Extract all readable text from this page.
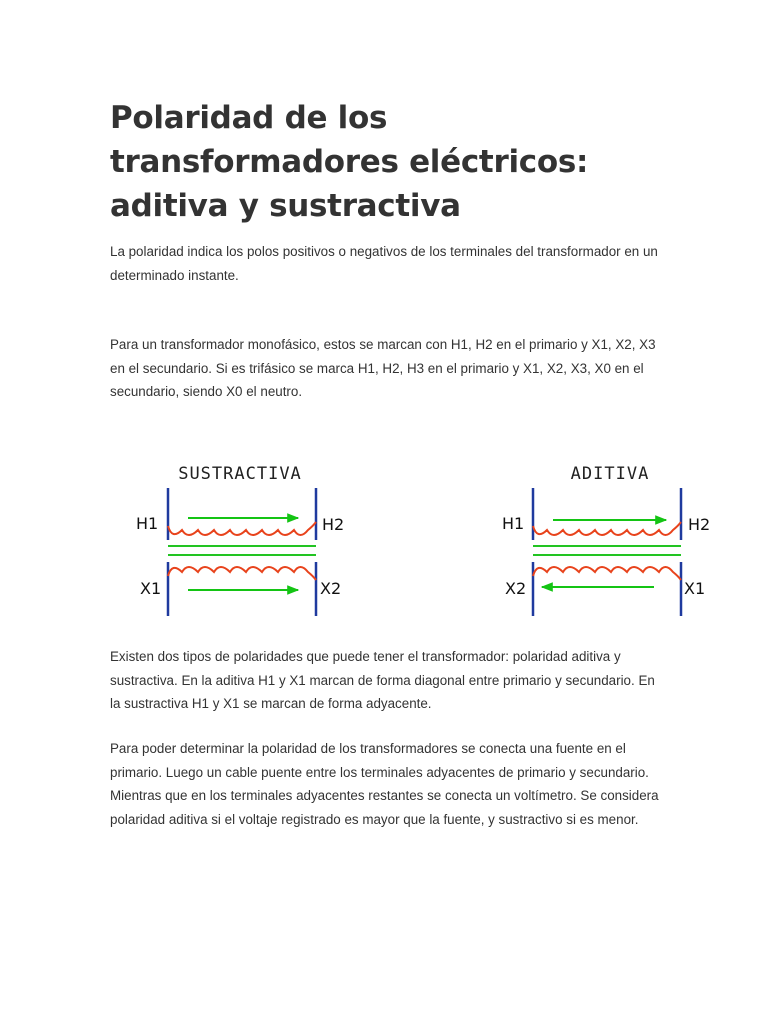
Polaridad de los transformadores eléctricos: aditiva y sustractiva

La polaridad indica los polos positivos o negativos de los terminales del transformador en un determinado instante.

Para un transformador monofásico, estos se marcan con H1, H2 en el primario y X1, X2, X3 en el secundario. Si es trifásico se marca H1, H2, H3 en el primario y X1, X2, X3, X0 en el secundario, siendo X0 el neutro.

SUSTRACTIVA
H1	H2
X1	X2
ADITIVA
H1	H2
X2	X1

Existen dos tipos de polaridades que puede tener el transformador: polaridad aditiva y sustractiva. En la aditiva H1 y X1 marcan de forma diagonal entre primario y secundario. En la sustractiva H1 y X1 se marcan de forma adyacente.

Para poder determinar la polaridad de los transformadores se conecta una fuente en el primario. Luego un cable puente entre los terminales adyacentes de primario y secundario. Mientras que en los terminales adyacentes restantes se conecta un voltímetro. Se considera polaridad aditiva si el voltaje registrado es mayor que la fuente, y sustractivo si es menor.
